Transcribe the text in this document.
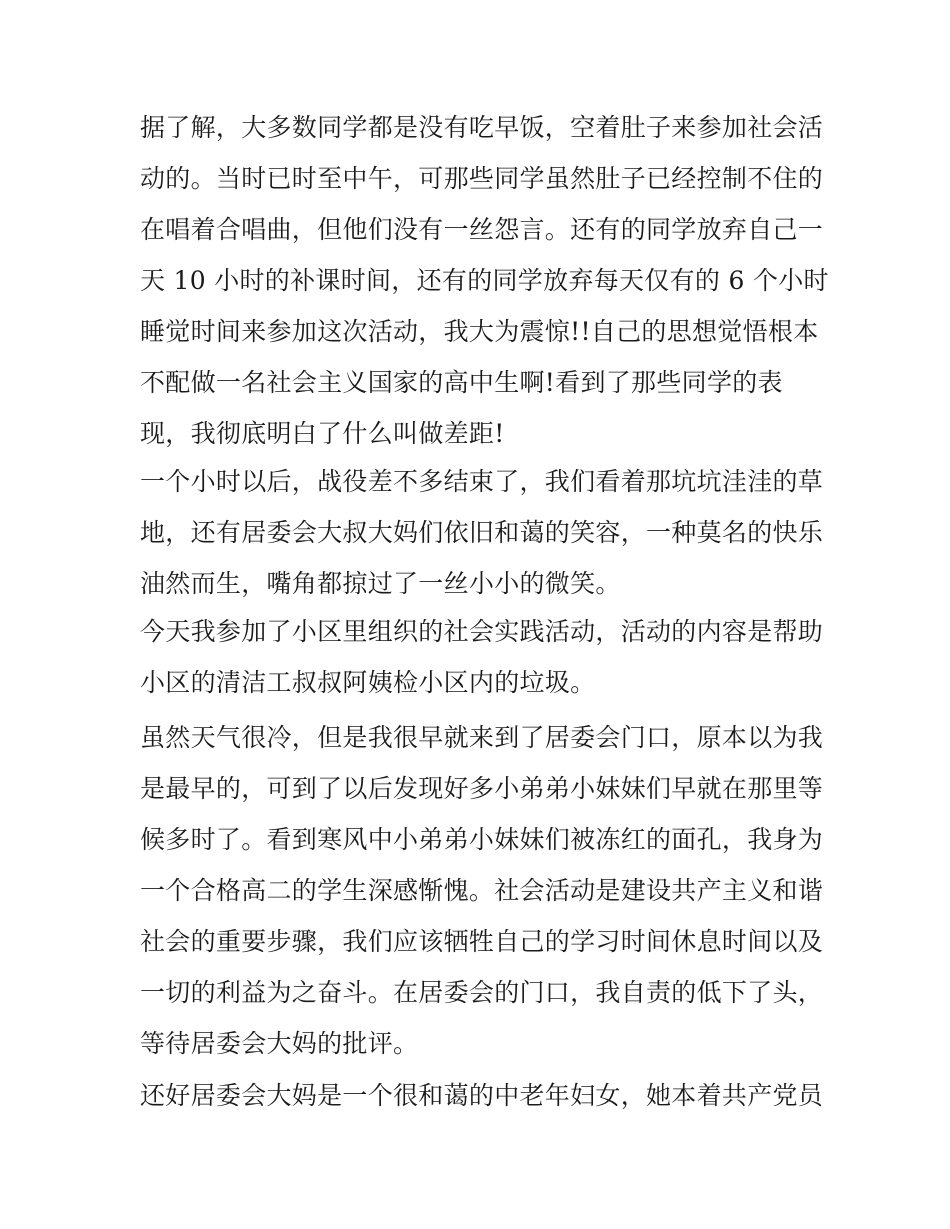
据了解，大多数同学都是没有吃早饭，空着肚子来参加社会活
动的。当时已时至中午，可那些同学虽然肚子已经控制不住的
在唱着合唱曲，但他们没有一丝怨言。还有的同学放弃自己一
天 10 小时的补课时间，还有的同学放弃每天仅有的 6 个小时
睡觉时间来参加这次活动，我大为震惊!!自己的思想觉悟根本
不配做一名社会主义国家的高中生啊!看到了那些同学的表
现，我彻底明白了什么叫做差距!
一个小时以后，战役差不多结束了，我们看着那坑坑洼洼的草
地，还有居委会大叔大妈们依旧和蔼的笑容，一种莫名的快乐
油然而生，嘴角都掠过了一丝小小的微笑。
今天我参加了小区里组织的社会实践活动，活动的内容是帮助
小区的清洁工叔叔阿姨检小区内的垃圾。
虽然天气很冷，但是我很早就来到了居委会门口，原本以为我
是最早的，可到了以后发现好多小弟弟小妹妹们早就在那里等
候多时了。看到寒风中小弟弟小妹妹们被冻红的面孔，我身为
一个合格高二的学生深感惭愧。社会活动是建设共产主义和谐
社会的重要步骤，我们应该牺牲自己的学习时间休息时间以及
一切的利益为之奋斗。在居委会的门口，我自责的低下了头，
等待居委会大妈的批评。
还好居委会大妈是一个很和蔼的中老年妇女，她本着共产党员
